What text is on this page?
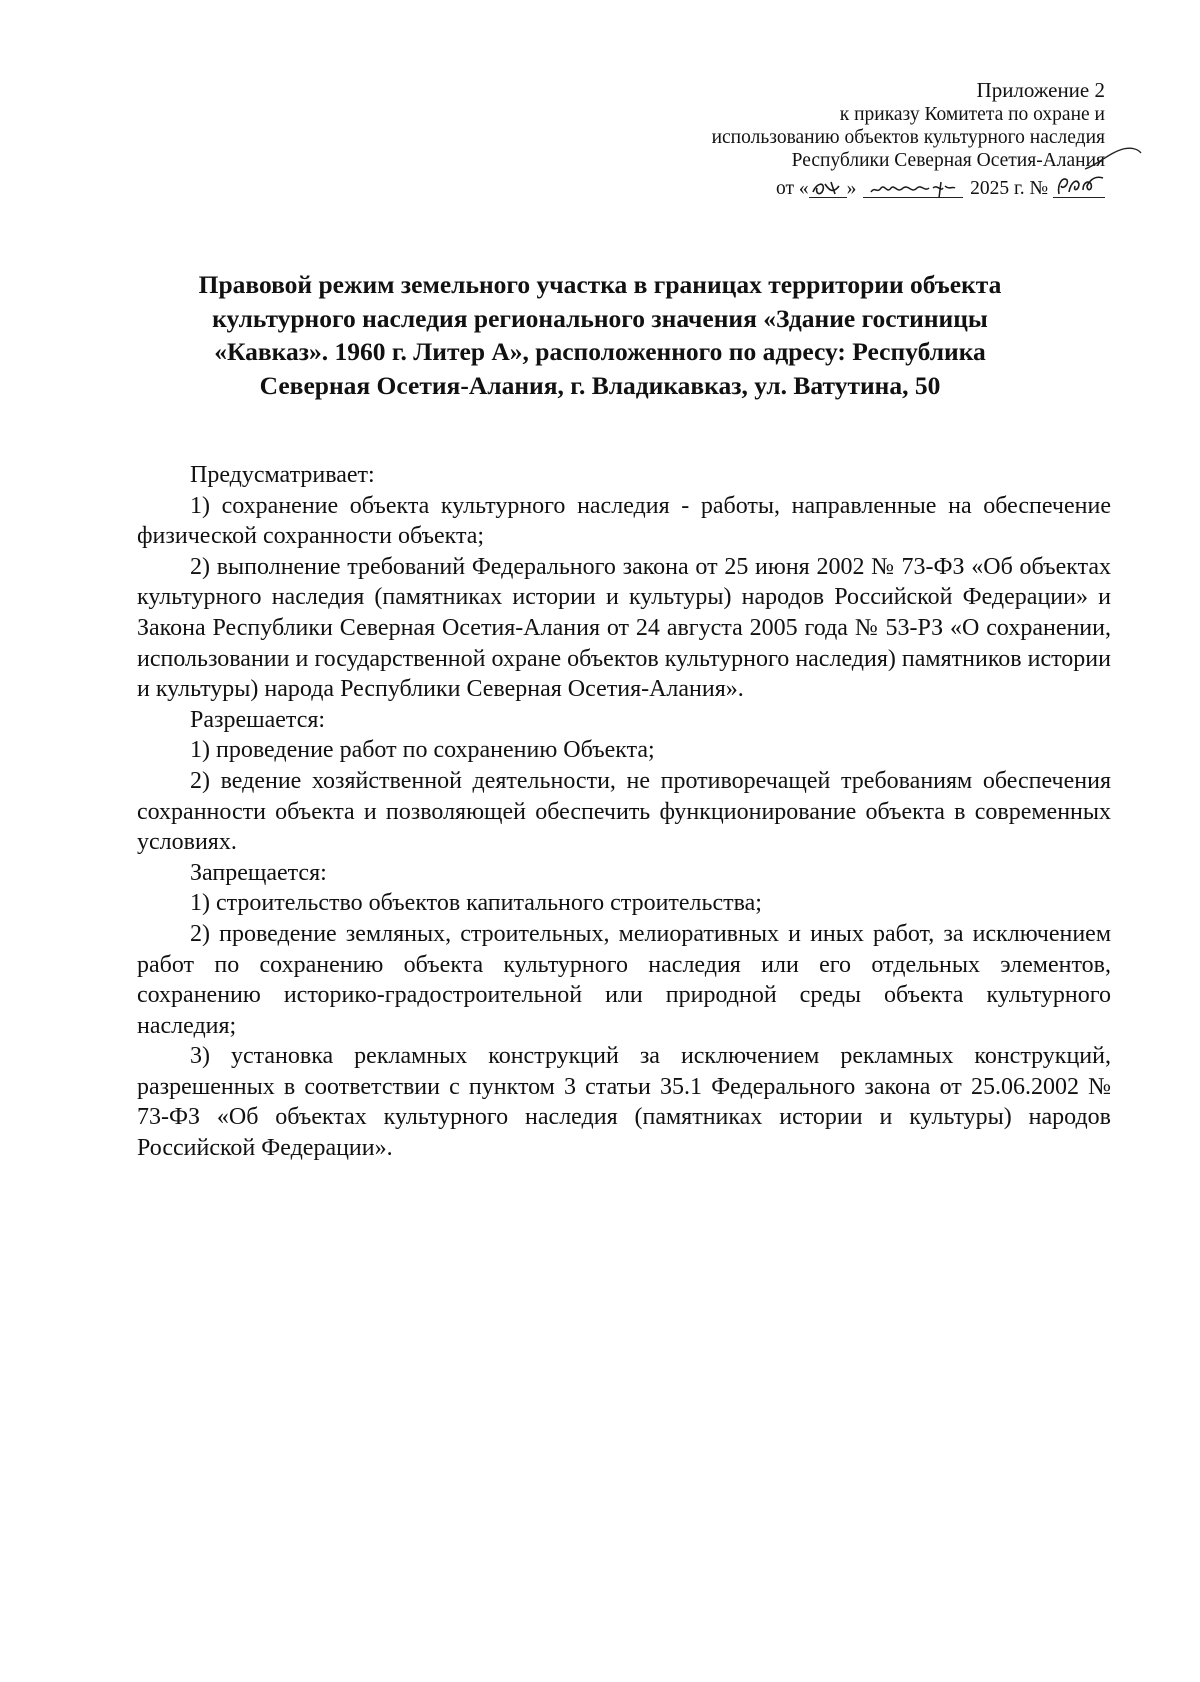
Приложение 2
к приказу Комитета по охране и
использованию объектов культурного наследия
Республики Северная Осетия-Алания
от « »	2025 г. №
Правовой режим земельного участка в границах территории объекта
культурного наследия регионального значения «Здание гостиницы
«Кавказ». 1960 г. Литер А», расположенного по адресу: Республика
Северная Осетия-Алания, г. Владикавказ, ул. Ватутина, 50

Предусматривает:

1) сохранение объекта культурного наследия - работы, направленные на обеспечение физической сохранности объекта;

2) выполнение требований Федерального закона от 25 июня 2002 № 73-ФЗ «Об объектах культурного наследия (памятниках истории и культуры) народов Российской Федерации» и Закона Республики Северная Осетия-Алания от 24 августа 2005 года № 53-РЗ «О сохранении, использовании и государственной охране объектов культурного наследия) памятников истории и культуры) народа Республики Северная Осетия-Алания».

Разрешается:

1) проведение работ по сохранению Объекта;

2) ведение хозяйственной деятельности, не противоречащей требованиям обеспечения сохранности объекта и позволяющей обеспечить функционирование объекта в современных условиях.

Запрещается:

1) строительство объектов капитального строительства;

2) проведение земляных, строительных, мелиоративных и иных работ, за исключением работ по сохранению объекта культурного наследия или его отдельных элементов, сохранению историко-градостроительной или природной среды объекта культурного наследия;

3) установка рекламных конструкций за исключением рекламных конструкций, разрешенных в соответствии с пунктом 3 статьи 35.1 Федерального закона от 25.06.2002 № 73-ФЗ «Об объектах культурного наследия (памятниках истории и культуры) народов Российской Федерации».
